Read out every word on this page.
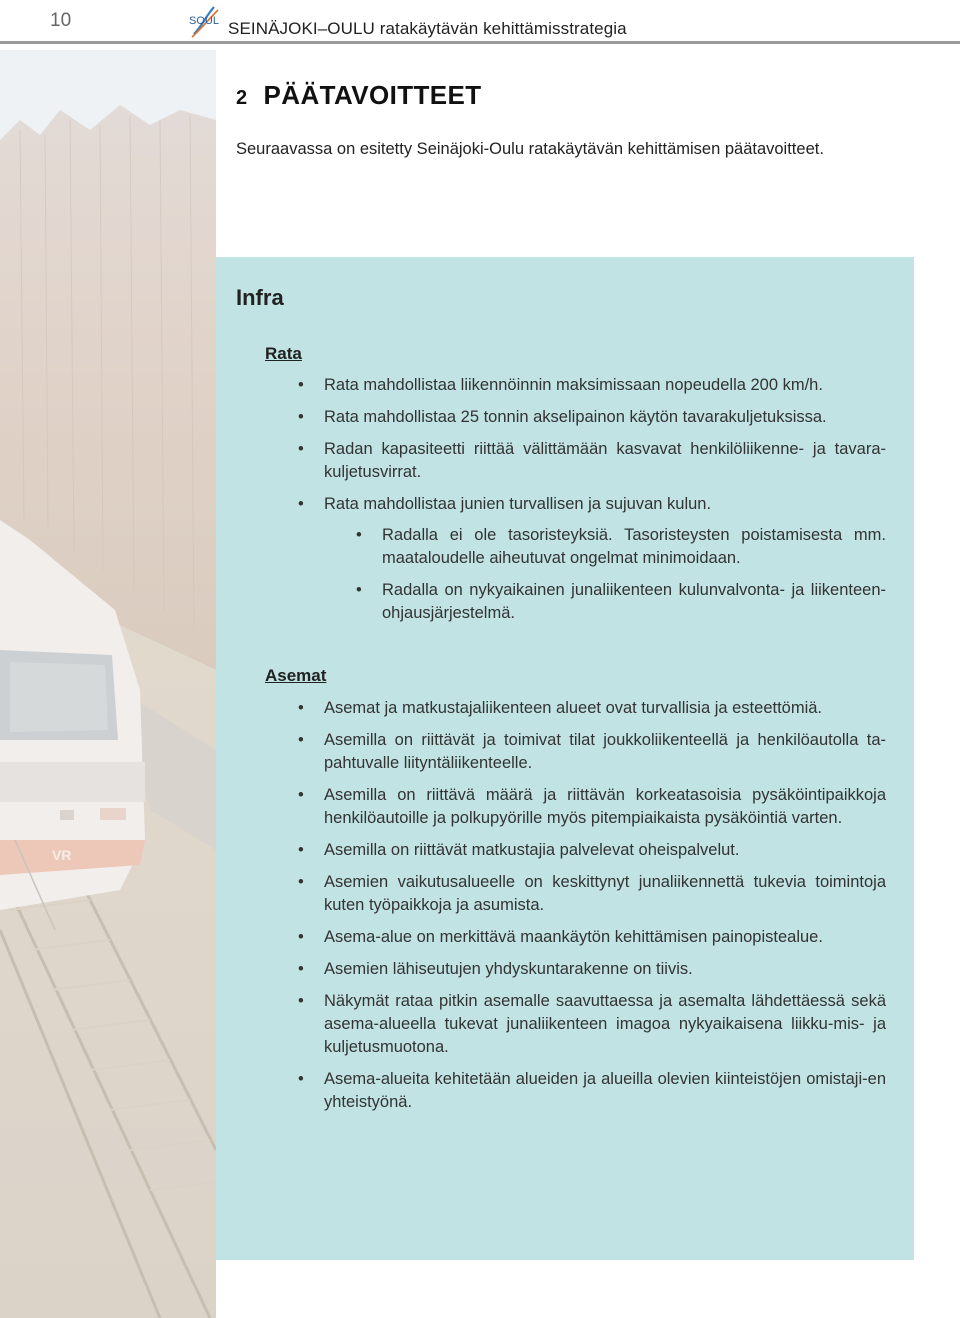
10	SOUL SEINÄJOKI–OULU ratakäytävän kehittämisstrategia
VR
2 PÄÄTAVOITTEET
Seuraavassa on esitetty Seinäjoki-Oulu ratakäytävän kehittämisen päätavoitteet.
Infra
Rata
• Rata mahdollistaa liikennöinnin maksimissaan nopeudella 200 km/h.
• Rata mahdollistaa 25 tonnin akselipainon käytön tavarakuljetuksissa.
• Radan kapasiteetti riittää välittämään kasvavat henkilöliikenne- ja tavara-kuljetusvirrat.
• Rata mahdollistaa junien turvallisen ja sujuvan kulun.
• Radalla ei ole tasoristeyksiä. Tasoristeysten poistamisesta mm. maataloudelle aiheutuvat ongelmat minimoidaan.
• Radalla on nykyaikainen junaliikenteen kulunvalvonta- ja liikenteen-ohjausjärjestelmä.
Asemat
• Asemat ja matkustajaliikenteen alueet ovat turvallisia ja esteettömiä.
• Asemilla on riittävät ja toimivat tilat joukkoliikenteellä ja henkilöautolla ta-pahtuvalle liityntäliikenteelle.
• Asemilla on riittävä määrä ja riittävän korkeatasoisia pysäköintipaikkoja henkilöautoille ja polkupyörille myös pitempiaikaista pysäköintiä varten.
• Asemilla on riittävät matkustajia palvelevat oheispalvelut.
• Asemien vaikutusalueelle on keskittynyt junaliikennettä tukevia toimintoja kuten työpaikkoja ja asumista.
• Asema-alue on merkittävä maankäytön kehittämisen painopistealue.
• Asemien lähiseutujen yhdyskuntarakenne on tiivis.
• Näkymät rataa pitkin asemalle saavuttaessa ja asemalta lähdettäessä sekä asema-alueella tukevat junaliikenteen imagoa nykyaikaisena liikku-mis- ja kuljetusmuotona.
• Asema-alueita kehitetään alueiden ja alueilla olevien kiinteistöjen omistaji-en yhteistyönä.
